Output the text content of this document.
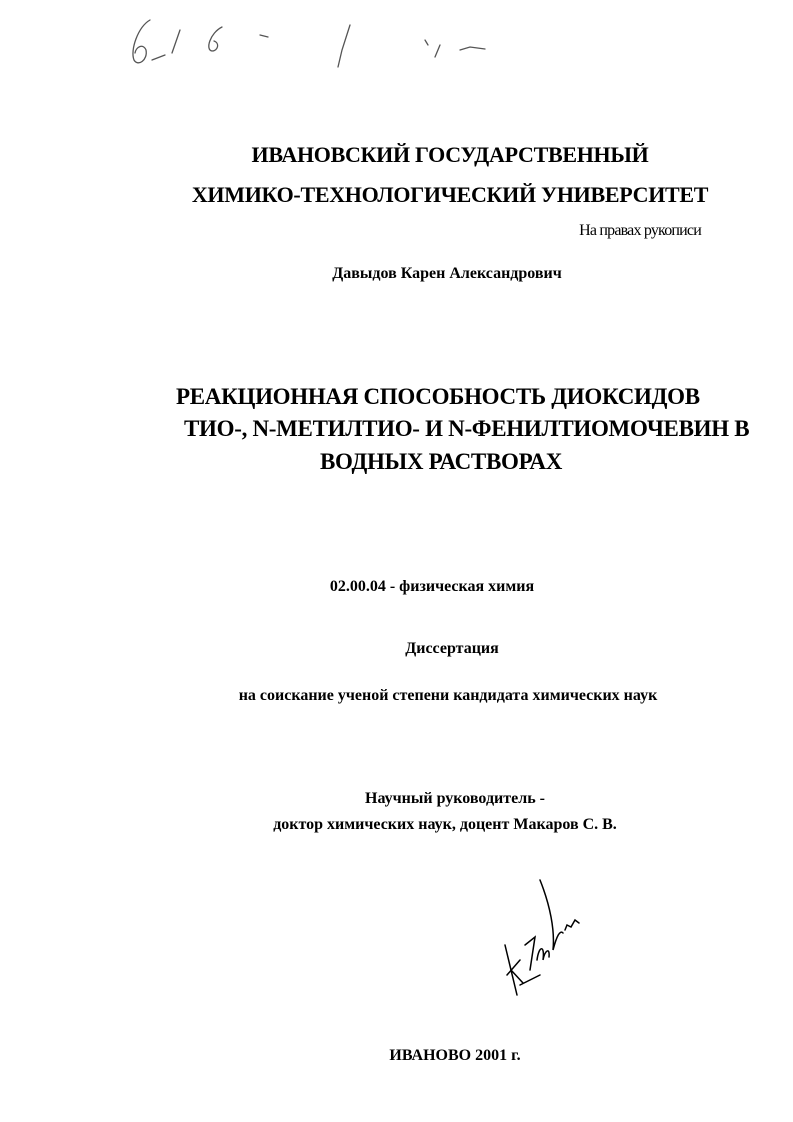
ИВАНОВСКИЙ ГОСУДАРСТВЕННЫЙ
ХИМИКО-ТЕХНОЛОГИЧЕСКИЙ УНИВЕРСИТЕТ
На правах рукописи
Давыдов Карен Александрович
РЕАКЦИОННАЯ СПОСОБНОСТЬ ДИОКСИДОВ
ТИО-, N-МЕТИЛТИО- И N-ФЕНИЛТИОМОЧЕВИН В
ВОДНЫХ РАСТВОРАХ
02.00.04 - физическая химия
Диссертация
на соискание ученой степени кандидата химических наук
Научный руководитель -
доктор химических наук, доцент Макаров С. В.
ИВАНОВО 2001 г.
